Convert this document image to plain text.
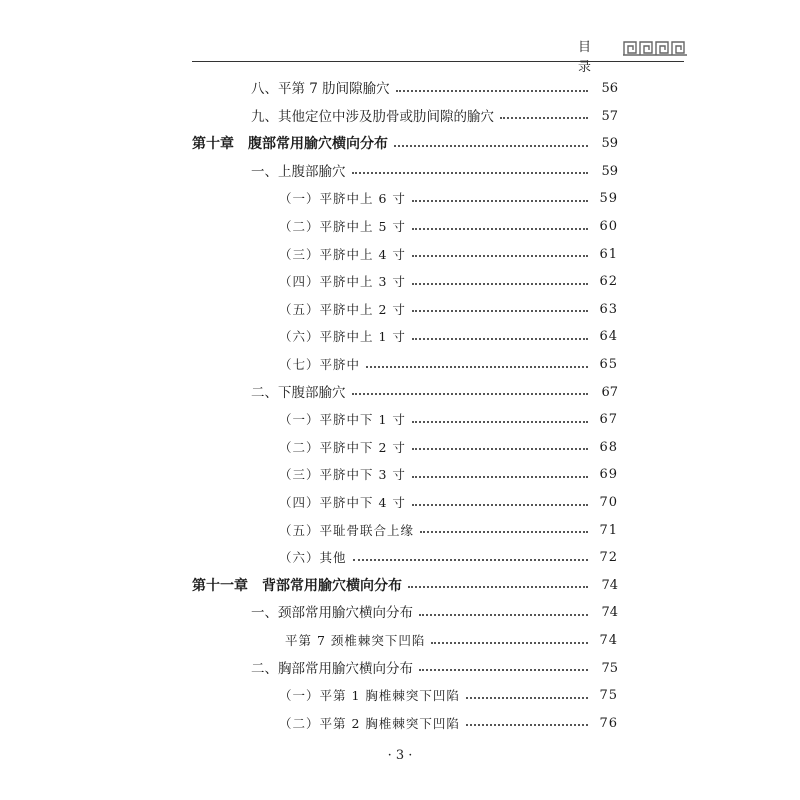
目 录
八、平第 7 肋间隙腧穴	56
九、其他定位中涉及肋骨或肋间隙的腧穴	57
第十章 腹部常用腧穴横向分布	59
一、上腹部腧穴	59
（一）平脐中上 6 寸	59
（二）平脐中上 5 寸	60
（三）平脐中上 4 寸	61
（四）平脐中上 3 寸	62
（五）平脐中上 2 寸	63
（六）平脐中上 1 寸	64
（七）平脐中	65
二、下腹部腧穴	67
（一）平脐中下 1 寸	67
（二）平脐中下 2 寸	68
（三）平脐中下 3 寸	69
（四）平脐中下 4 寸	70
（五）平耻骨联合上缘	71
（六）其他	72
第十一章 背部常用腧穴横向分布	74
一、颈部常用腧穴横向分布	74
平第 7 颈椎棘突下凹陷	74
二、胸部常用腧穴横向分布	75
（一）平第 1 胸椎棘突下凹陷	75
（二）平第 2 胸椎棘突下凹陷	76
· 3 ·
